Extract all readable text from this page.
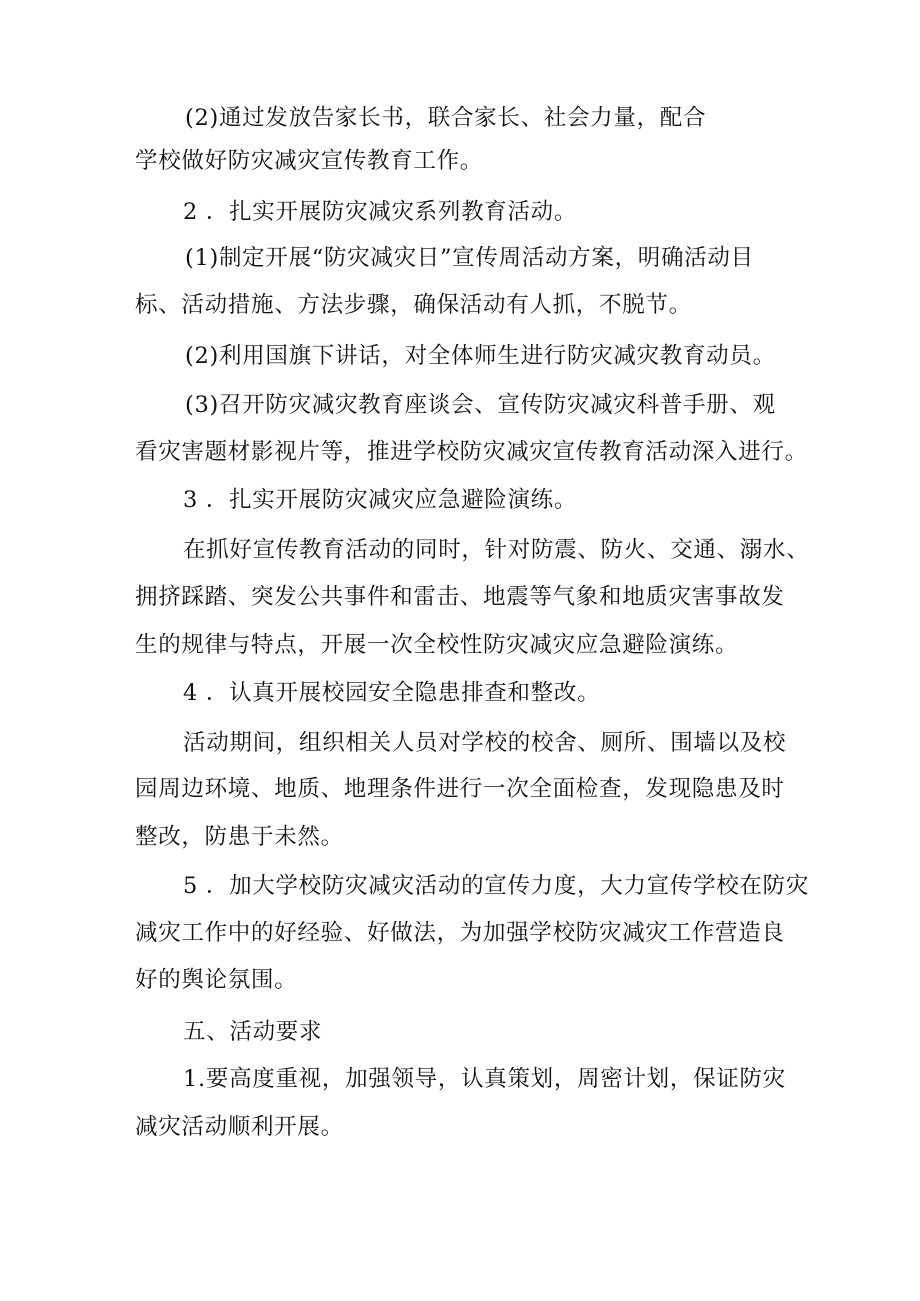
(2)通过发放告家长书，联合家长、社会力量，配合

学校做好防灾减灾宣传教育工作。

2 ．扎实开展防灾减灾系列教育活动。

(1)制定开展“防灾减灾日”宣传周活动方案，明确活动目

标、活动措施、方法步骤，确保活动有人抓，不脱节。

(2)利用国旗下讲话，对全体师生进行防灾减灾教育动员。

(3)召开防灾减灾教育座谈会、宣传防灾减灾科普手册、观

看灾害题材影视片等，推进学校防灾减灾宣传教育活动深入进行。

3 ．扎实开展防灾减灾应急避险演练。

在抓好宣传教育活动的同时，针对防震、防火、交通、溺水、

拥挤踩踏、突发公共事件和雷击、地震等气象和地质灾害事故发

生的规律与特点，开展一次全校性防灾减灾应急避险演练。

4 ．认真开展校园安全隐患排查和整改。

活动期间，组织相关人员对学校的校舍、厕所、围墙以及校

园周边环境、地质、地理条件进行一次全面检查，发现隐患及时

整改，防患于未然。

5 ．加大学校防灾减灾活动的宣传力度，大力宣传学校在防灾

减灾工作中的好经验、好做法，为加强学校防灾减灾工作营造良

好的舆论氛围。

五、活动要求

1.要高度重视，加强领导，认真策划，周密计划，保证防灾

减灾活动顺利开展。
